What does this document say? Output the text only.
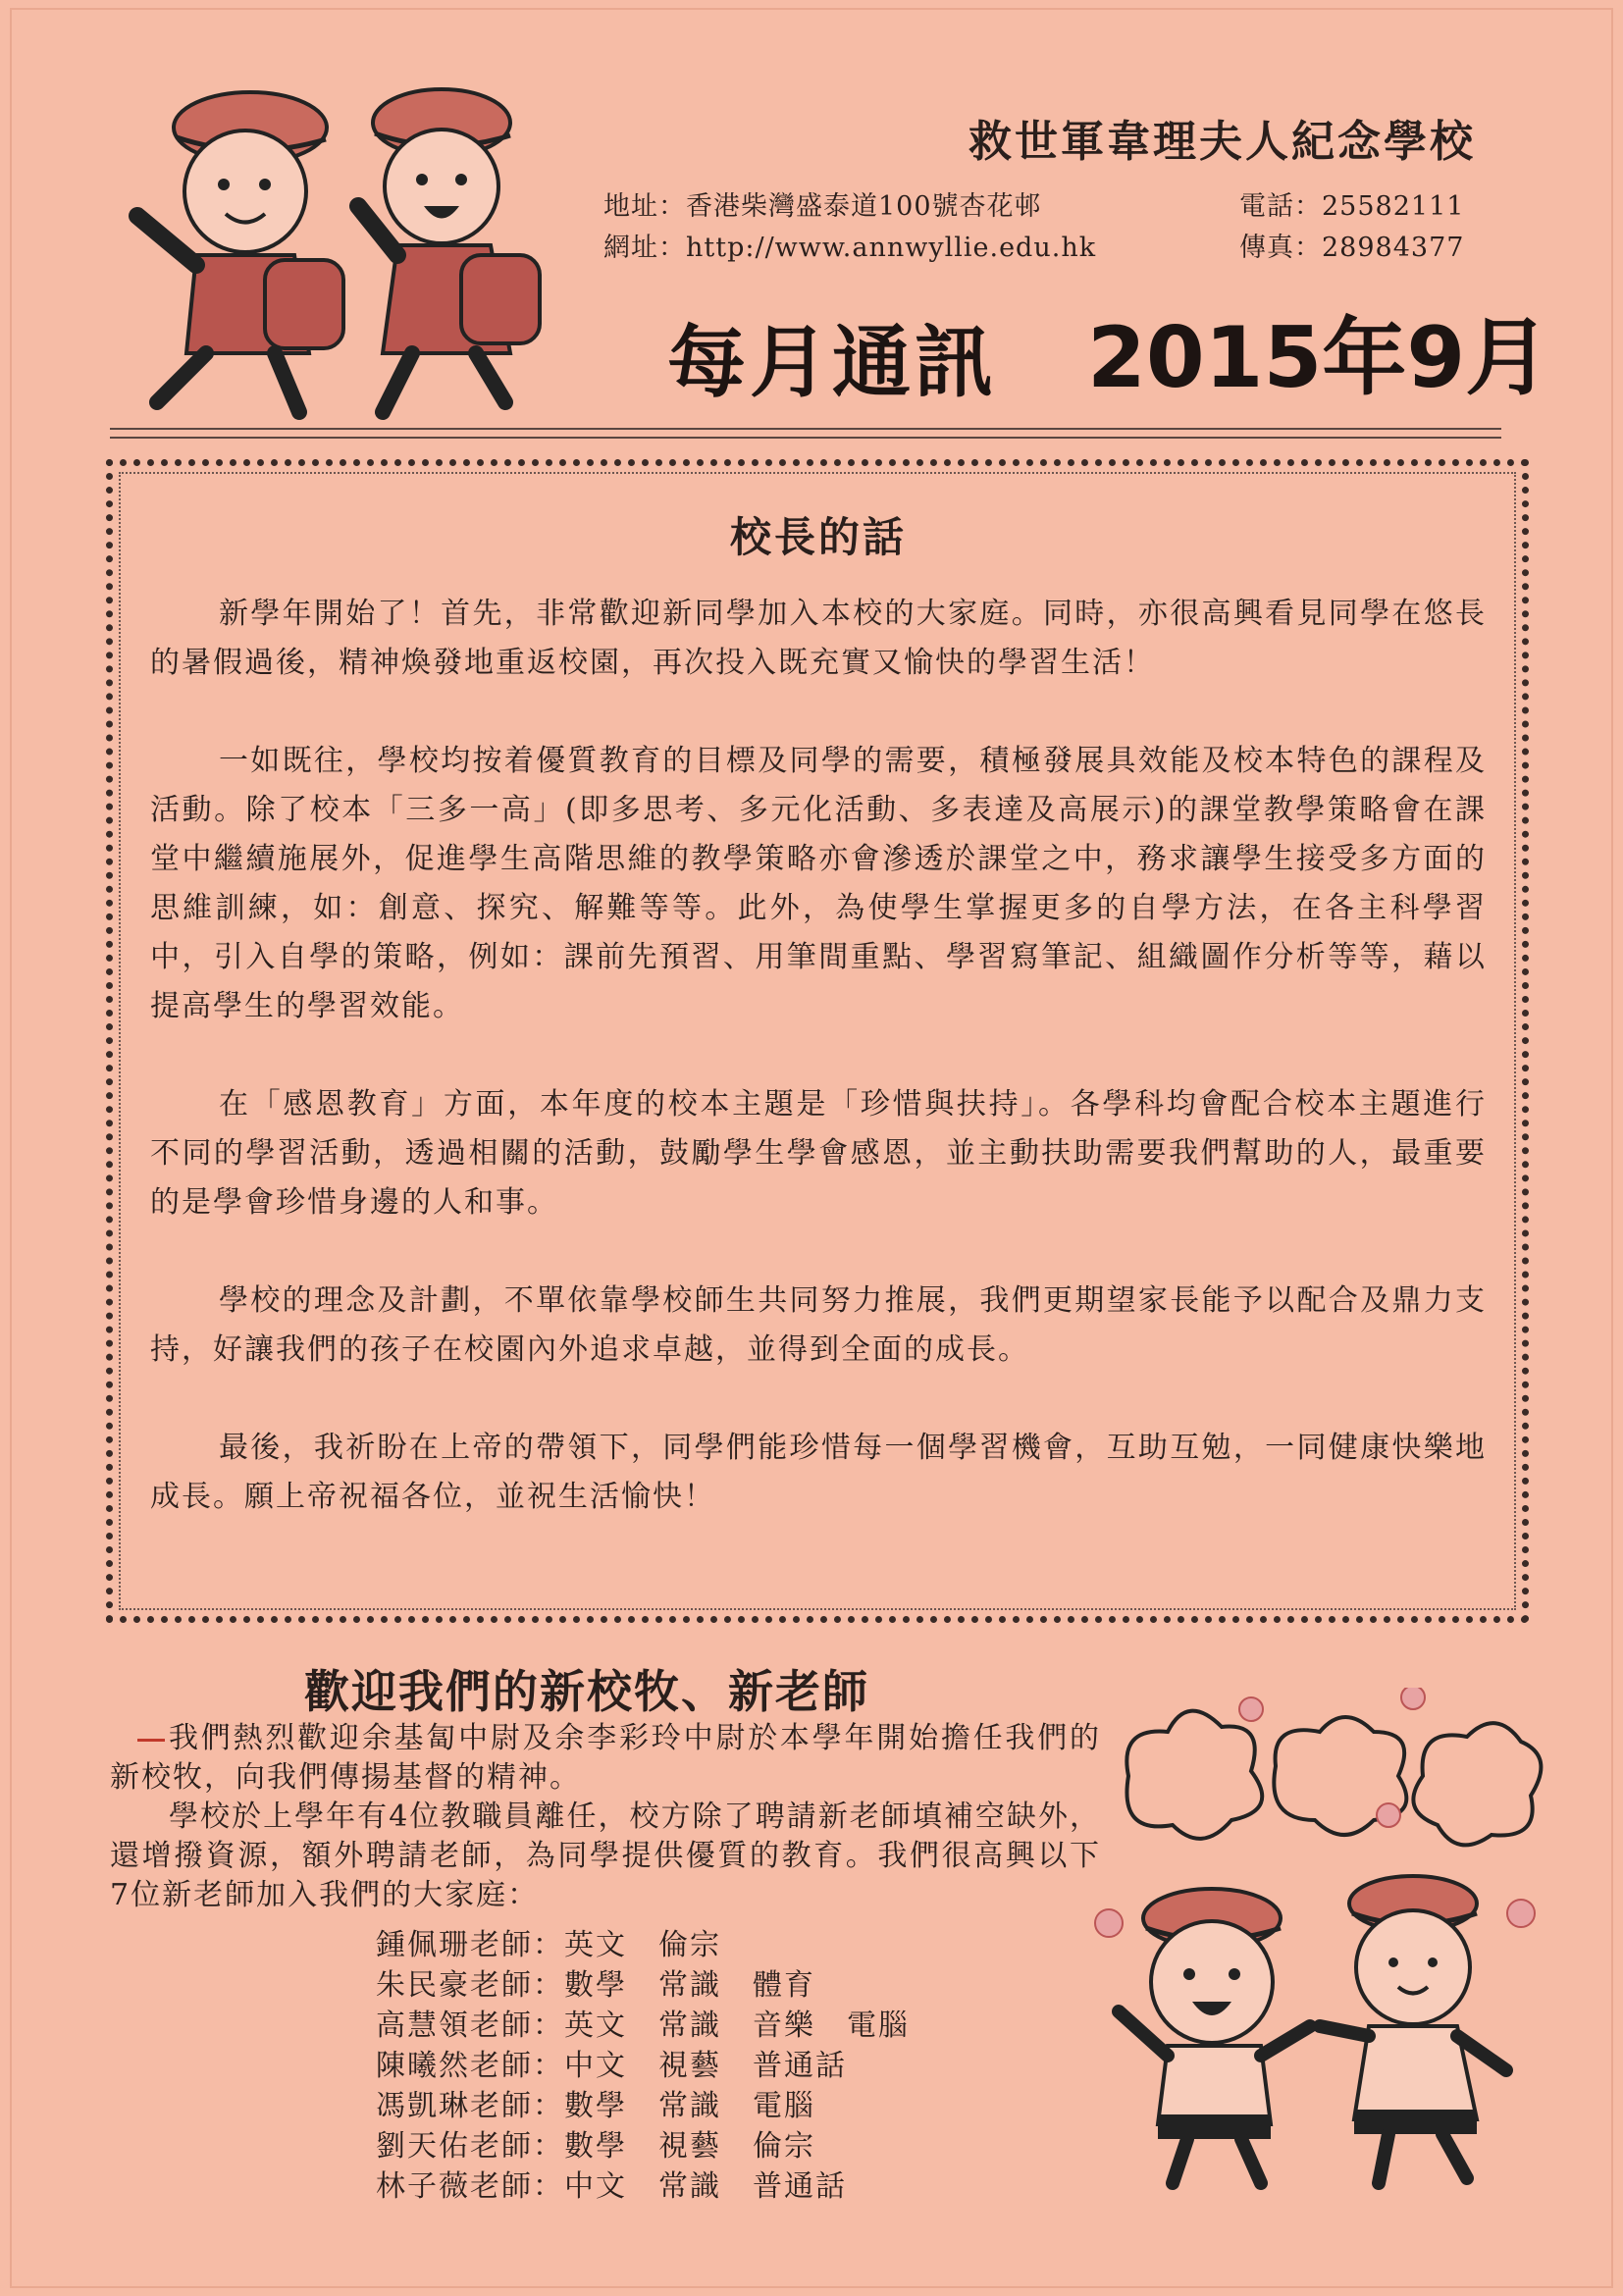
救世軍韋理夫人紀念學校
地址：香港柴灣盛泰道100號杏花邨
網址：http://www.annwyllie.edu.hk
電話：25582111
傳真：28984377
每月通訊 2015年9月
校長的話

新學年開始了！首先，非常歡迎新同學加入本校的大家庭。同時，亦很高興看見同學在悠長的暑假過後，精神煥發地重返校園，再次投入既充實又愉快的學習生活！

一如既往，學校均按着優質教育的目標及同學的需要，積極發展具效能及校本特色的課程及活動。除了校本「三多一高」(即多思考、多元化活動、多表達及高展示)的課堂教學策略會在課堂中繼續施展外，促進學生高階思維的教學策略亦會滲透於課堂之中，務求讓學生接受多方面的思維訓練，如：創意、探究、解難等等。此外，為使學生掌握更多的自學方法，在各主科學習中，引入自學的策略，例如：課前先預習、用筆間重點、學習寫筆記、組織圖作分析等等，藉以提高學生的學習效能。

在「感恩教育」方面，本年度的校本主題是「珍惜與扶持」。各學科均會配合校本主題進行不同的學習活動，透過相關的活動，鼓勵學生學會感恩，並主動扶助需要我們幫助的人，最重要的是學會珍惜身邊的人和事。

學校的理念及計劃，不單依靠學校師生共同努力推展，我們更期望家長能予以配合及鼎力支持，好讓我們的孩子在校園內外追求卓越，並得到全面的成長。

最後，我祈盼在上帝的帶領下，同學們能珍惜每一個學習機會，互助互勉，一同健康快樂地成長。願上帝祝福各位，並祝生活愉快！

歡迎我們的新校牧、新老師

我們熱烈歡迎余基匐中尉及余李彩玲中尉於本學年開始擔任我們的新校牧，向我們傳揚基督的精神。

學校於上學年有4位教職員離任，校方除了聘請新老師填補空缺外，還增撥資源，額外聘請老師，為同學提供優質的教育。我們很高興以下7位新老師加入我們的大家庭：

鍾佩珊老師：英文　倫宗
朱民豪老師：數學　常識　體育
高慧領老師：英文　常識　音樂　電腦
陳曦然老師：中文　視藝　普通話
馮凱琳老師：數學　常識　電腦
劉天佑老師：數學　視藝　倫宗
林子薇老師：中文　常識　普通話
